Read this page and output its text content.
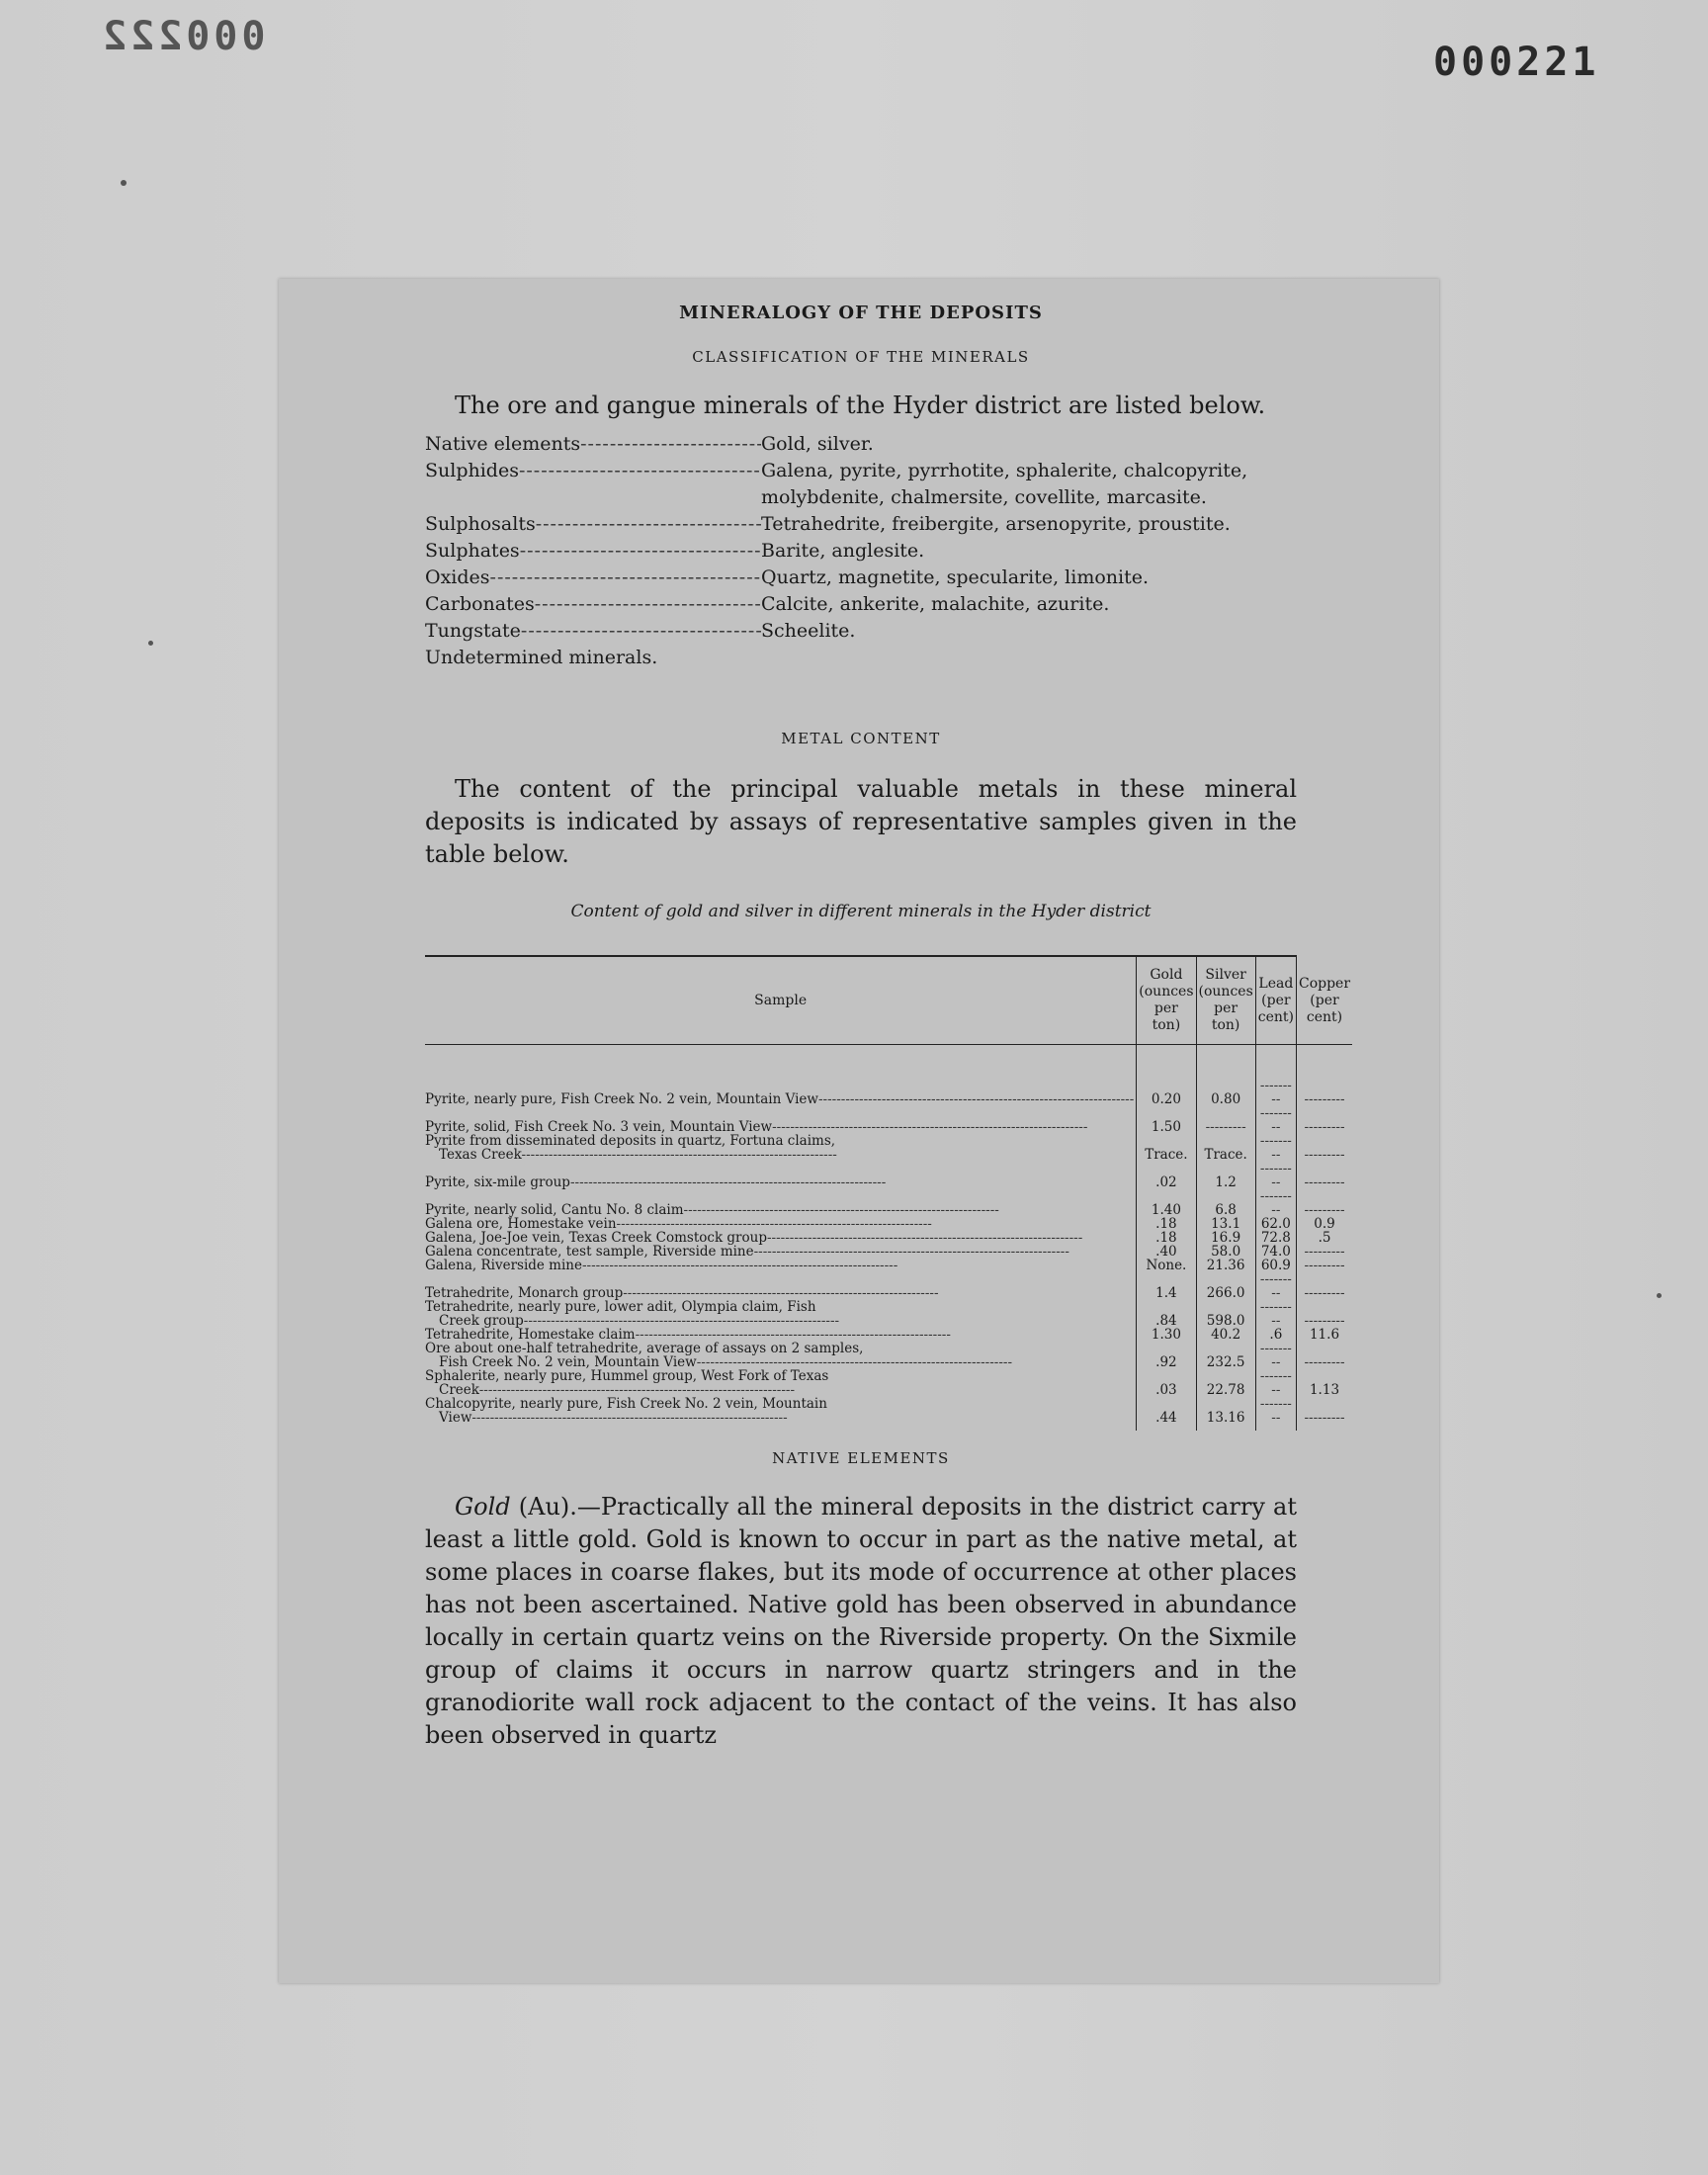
000222
000221
MINERALOGY OF THE DEPOSITS
CLASSIFICATION OF THE MINERALS
The ore and gangue minerals of the Hyder district are listed below.
Native elements -----	Gold, silver.
Sulphides -----	Galena, pyrite, pyrrhotite, sphalerite, chalcopyrite, molybdenite, chalmersite, covellite, marcasite.
Sulphosalts -----	Tetrahedrite, freibergite, arsenopyrite, proustite.
Sulphates -----	Barite, anglesite.
Oxides -----	Quartz, magnetite, specularite, limonite.
Carbonates -----	Calcite, ankerite, malachite, azurite.
Tungstate -----	Scheelite.
Undetermined minerals.
METAL CONTENT
The content of the principal valuable metals in these mineral deposits is indicated by assays of representative samples given in the table below.
Content of gold and silver in different minerals in the Hyder district
Sample	Gold (ounces per ton)	Silver (ounces per ton)	Lead (per cent)	Copper (per cent)

Pyrite, nearly pure, Fish Creek No. 2 vein, Mountain View -----	0.20	0.80	-----	-----

Pyrite, solid, Fish Creek No. 3 vein, Mountain View -----	1.50	-----	-----	-----

Pyrite from disseminated deposits in quartz, Fortuna claims,
Texas Creek -----	Trace.	Trace.	-----	-----

Pyrite, six-mile group -----	.02	1.2	-----	-----

Pyrite, nearly solid, Cantu No. 8 claim -----	1.40	6.8	-----	-----

Galena ore, Homestake vein -----	.18	13.1	62.0	0.9

Galena, Joe-Joe vein, Texas Creek Comstock group -----	.18	16.9	72.8	.5

Galena concentrate, test sample, Riverside mine -----	.40	58.0	74.0	-----

Galena, Riverside mine -----	None.	21.36	60.9	-----

Tetrahedrite, Monarch group -----	1.4	266.0	-----	-----

Tetrahedrite, nearly pure, lower adit, Olympia claim, Fish
Creek group -----	.84	598.0	-----	-----

Tetrahedrite, Homestake claim -----	1.30	40.2	.6	11.6

Ore about one-half tetrahedrite, average of assays on 2 samples,
Fish Creek No. 2 vein, Mountain View -----	.92	232.5	-----	-----

Sphalerite, nearly pure, Hummel group, West Fork of Texas
Creek -----	.03	22.78	-----	1.13

Chalcopyrite, nearly pure, Fish Creek No. 2 vein, Mountain
View -----	.44	13.16	-----	-----
NATIVE ELEMENTS
Gold (Au).—Practically all the mineral deposits in the district carry at least a little gold. Gold is known to occur in part as the native metal, at some places in coarse flakes, but its mode of occurrence at other places has not been ascertained. Native gold has been observed in abundance locally in certain quartz veins on the Riverside property. On the Sixmile group of claims it occurs in narrow quartz stringers and in the granodiorite wall rock adjacent to the contact of the veins. It has also been observed in quartz
